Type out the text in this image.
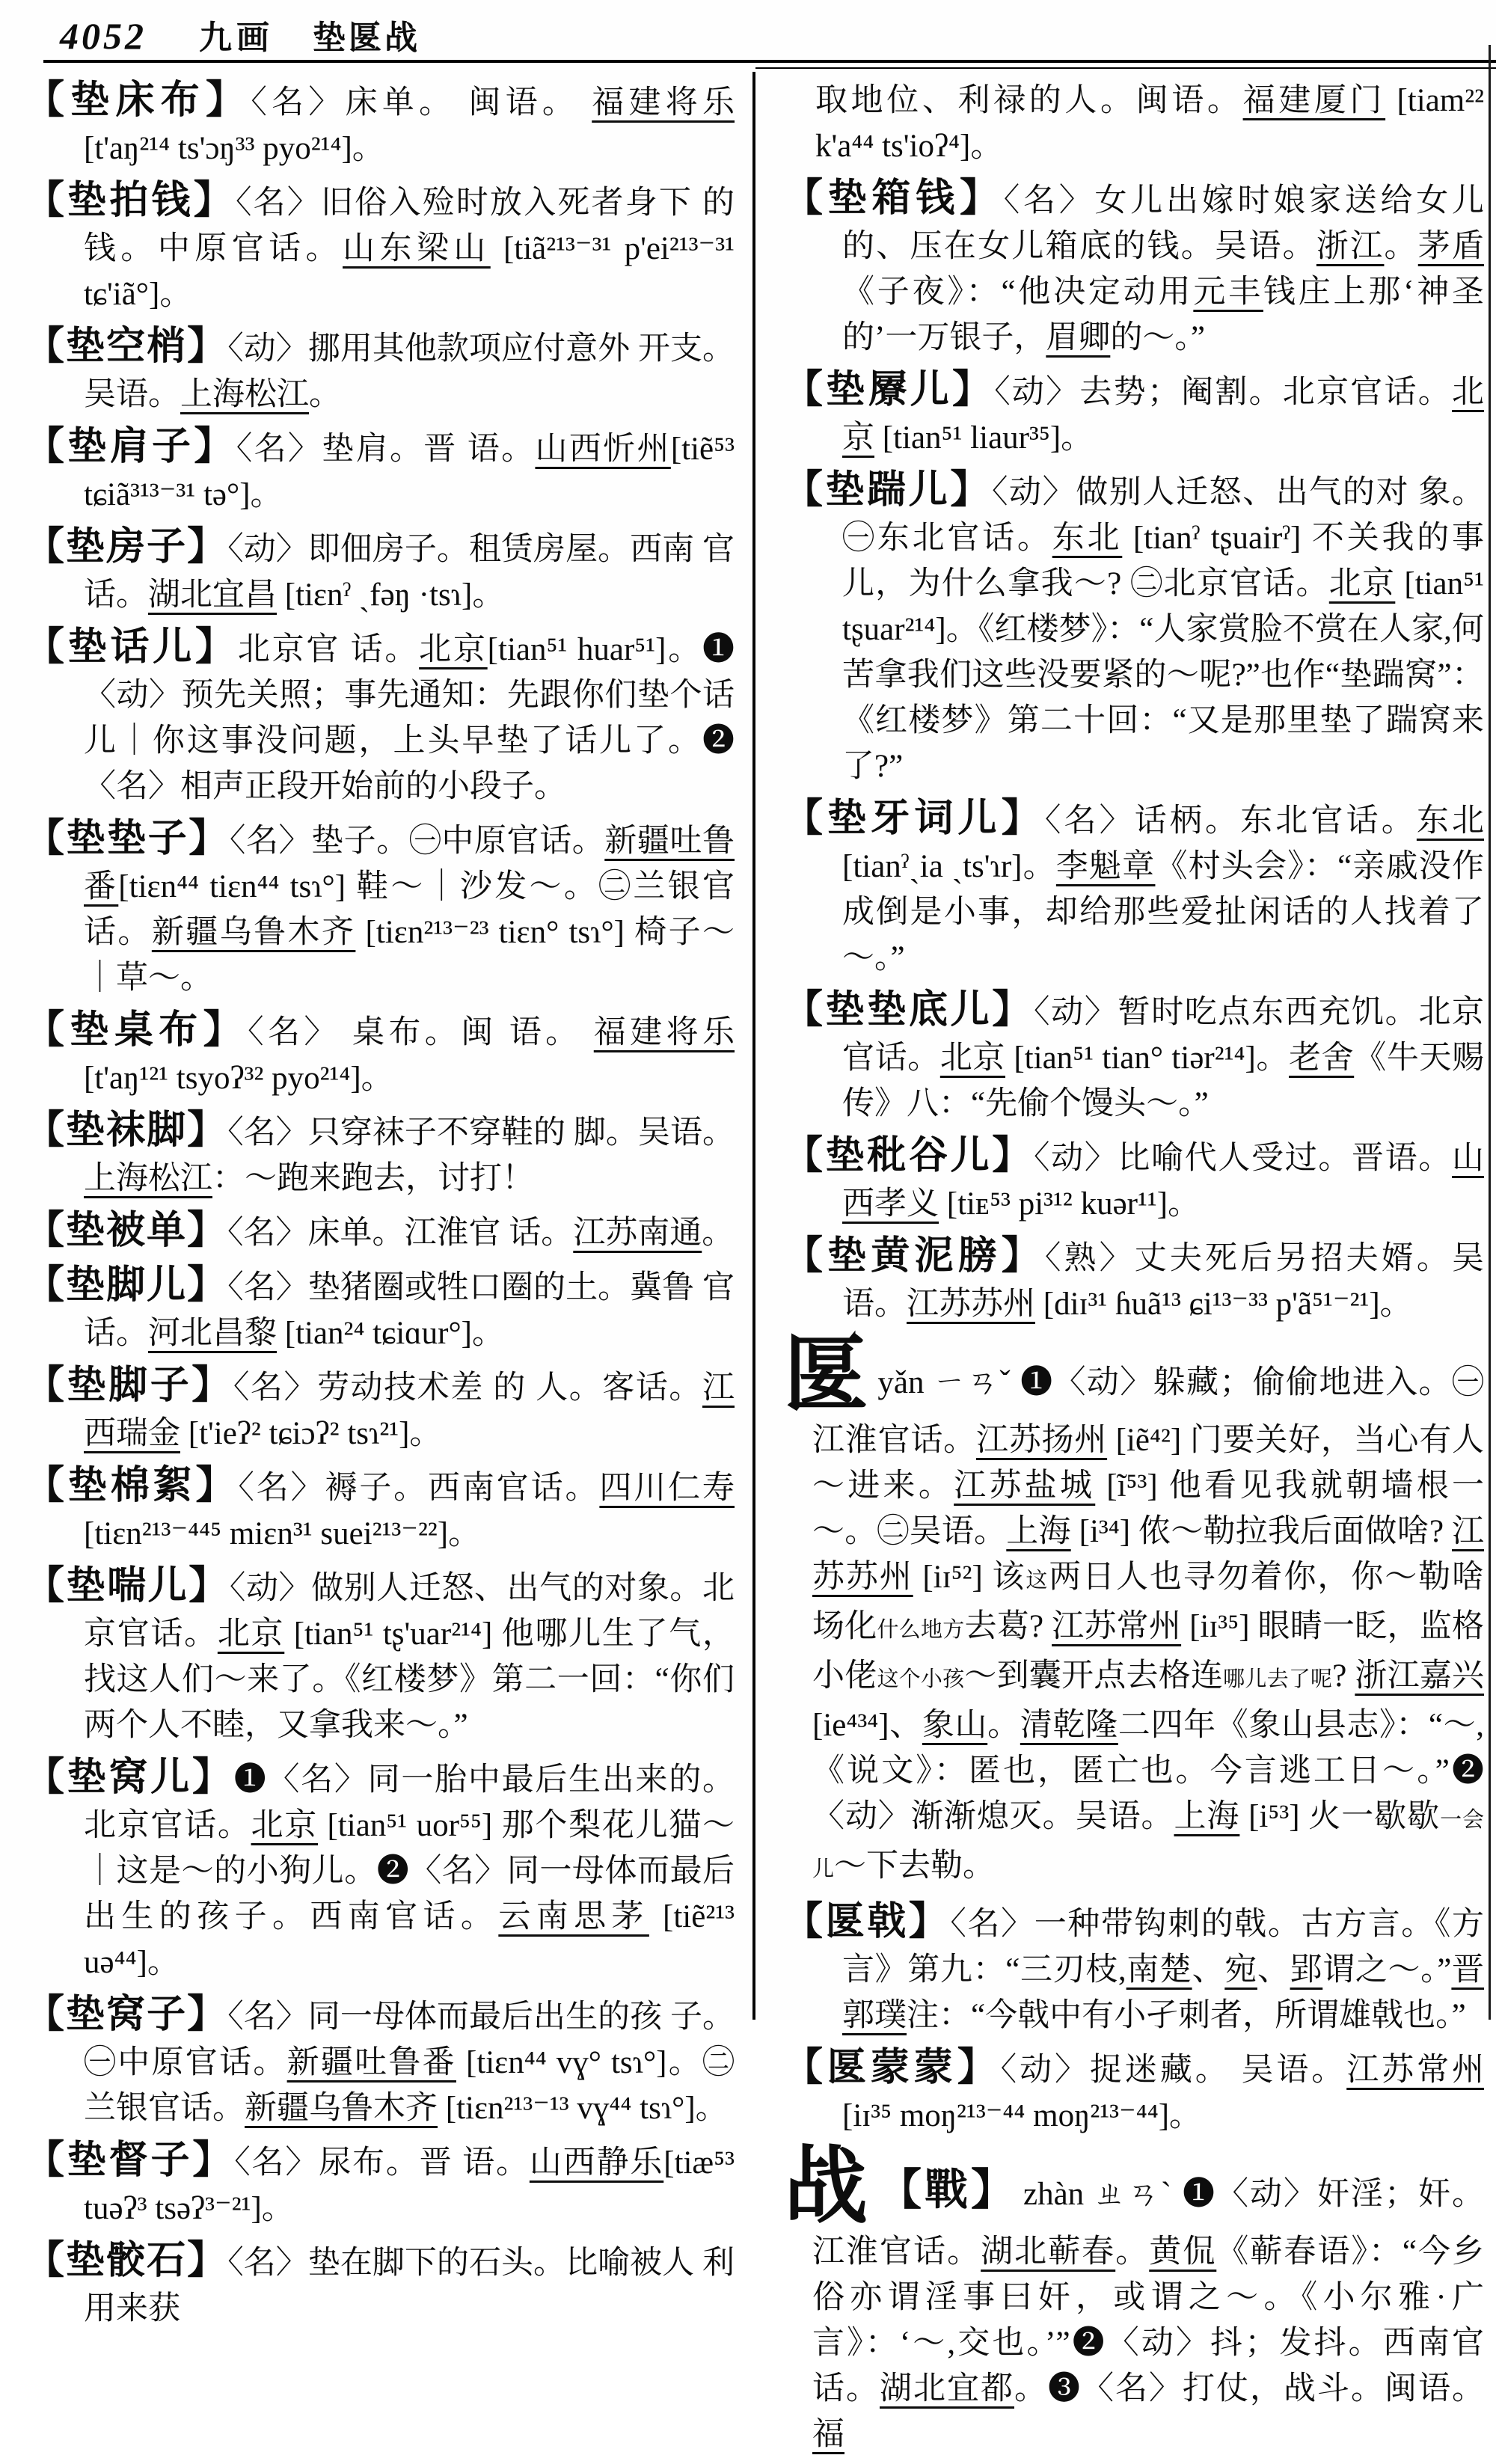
4052 九画 垫匽战

【垫床布】〈名〉床单。 闽语。 福建将乐 [t'aŋ²¹⁴ ts'ɔŋ³³ pyo²¹⁴]。

【垫拍钱】〈名〉旧俗入殓时放入死者身下 的钱。中原官话。山东梁山 [tiã²¹³⁻³¹ p'ei²¹³⁻³¹ tɕ'iã°]。

【垫空梢】〈动〉挪用其他款项应付意外 开支。吴语。上海松江。

【垫肩子】〈名〉垫肩。晋 语。山西忻州[tiẽ⁵³ tɕiã³¹³⁻³¹ tə°]。

【垫房子】〈动〉即佃房子。租赁房屋。西南 官话。湖北宜昌 [tiɛnˀ ˎfəŋ ·tsɿ]。

【垫话儿】北京官 话。北京[tian⁵¹ huar⁵¹]。❶〈动〉预先关照；事先通知：先跟你们垫个话儿｜你这事没问题，上头早垫了话儿了。❷〈名〉相声正段开始前的小段子。

【垫垫子】〈名〉垫子。㊀中原官话。新疆吐鲁番[tiɛn⁴⁴ tiɛn⁴⁴ tsɿ°] 鞋～｜沙发～。㊁兰银官话。新疆乌鲁木齐 [tiɛn²¹³⁻²³ tiɛn° tsɿ°] 椅子～｜草～。

【垫桌布】〈名〉 桌布。闽 语。 福建将乐 [t'aŋ¹²¹ tsyoʔ³² pyo²¹⁴]。

【垫袜脚】〈名〉只穿袜子不穿鞋的 脚。吴语。上海松江：～跑来跑去，讨打！

【垫被单】〈名〉床单。江淮官 话。江苏南通。

【垫脚儿】〈名〉垫猪圈或牲口圈的土。冀鲁 官话。河北昌黎 [tian²⁴ tɕiɑur°]。

【垫脚子】〈名〉劳动技术差 的 人。客话。江西瑞金 [t'ieʔ² tɕiɔʔ² tsɿ²¹]。

【垫棉絮】〈名〉褥子。西南官话。四川仁寿[tiɛn²¹³⁻⁴⁴⁵ miɛn³¹ suei²¹³⁻²²]。

【垫喘儿】〈动〉做别人迁怒、出气的对象。北京官话。北京 [tian⁵¹ tʂ'uar²¹⁴] 他哪儿生了气，找这人们～来了。《红楼梦》第二一回：“你们两个人不睦，又拿我来～。”

【垫窝儿】❶〈名〉同一胎中最后生出来的。北京官话。北京 [tian⁵¹ uor⁵⁵] 那个梨花儿猫～｜这是～的小狗儿。❷〈名〉同一母体而最后出生的孩子。西南官话。云南思茅 [tiẽ²¹³ uə⁴⁴]。

【垫窝子】〈名〉同一母体而最后出生的孩 子。㊀中原官话。新疆吐鲁番 [tiɛn⁴⁴ vɣ° tsɿ°]。㊁兰银官话。新疆乌鲁木齐 [tiɛn²¹³⁻¹³ vɣ⁴⁴ tsɿ°]。

【垫督子】〈名〉尿布。晋 语。山西静乐[tiæ⁵³ tuəʔ³ tsəʔ³⁻²¹]。

【垫骹石】〈名〉垫在脚下的石头。比喻被人 利用来获

取地位、利禄的人。闽语。福建厦门 [tiam²² k'a⁴⁴ ts'ioʔ⁴]。

【垫箱钱】〈名〉女儿出嫁时娘家送给女儿 的、压在女儿箱底的钱。吴语。浙江。茅盾《子夜》：“他决定动用元丰钱庄上那‘神圣的’一万银子，眉卿的～。”

【垫屪儿】〈动〉去势；阉割。北京官话。北京 [tian⁵¹ liaur³⁵]。

【垫踹儿】〈动〉做别人迁怒、出气的对 象。㊀东北官话。东北 [tianˀ tʂuairˀ] 不关我的事儿，为什么拿我～? ㊁北京官话。北京 [tian⁵¹ tʂuar²¹⁴]。《红楼梦》：“人家赏脸不赏在人家,何苦拿我们这些没要紧的～呢?”也作“垫踹窝”：《红楼梦》第二十回：“又是那里垫了踹窝来了?”

【垫牙词儿】〈名〉话柄。东北官话。东北 [tianˀˎia ˎts'ɿr]。李魁章《村头会》：“亲戚没作成倒是小事，却给那些爱扯闲话的人找着了～。”

【垫垫底儿】〈动〉暂时吃点东西充饥。北京官话。北京 [tian⁵¹ tian° tiər²¹⁴]。老舍《牛天赐传》八：“先偷个馒头～。”

【垫秕谷儿】〈动〉比喻代人受过。晋语。山西孝义 [tiᴇ⁵³ pi³¹² kuər¹¹]。

【垫黄泥膀】〈熟〉丈夫死后另招夫婿。吴语。江苏苏州 [diɪ³¹ ɦuã¹³ ɕi¹³⁻³³ p'ã⁵¹⁻²¹]。

匽yǎn ㄧㄢˇ ❶〈动〉躲藏；偷偷地进入。㊀江淮官话。江苏扬州 [iẽ⁴²] 门要关好，当心有人～进来。江苏盐城 [ĩ⁵³] 他看见我就朝墙根一～。㊁吴语。上海 [i³⁴] 侬～勒拉我后面做啥? 江苏苏州 [iɪ⁵²] 该这两日人也寻勿着你，你～勒啥场化什么地方去葛? 江苏常州 [iɪ³⁵] 眼睛一眨，监格小佬这个小孩～到囊开点去格连哪儿去了呢? 浙江嘉兴 [ie⁴³⁴]、象山。清乾隆二四年《象山县志》：“～,《说文》：匿也，匿亡也。今言逃工日～。”❷〈动〉渐渐熄灭。吴语。上海 [i⁵³] 火一歇歇一会儿～下去勒。

【匽戟】〈名〉一种带钩刺的戟。古方言。《方言》第九：“三刃枝,南楚、宛、郢谓之～。”晋郭璞注：“今戟中有小孑刺者，所谓雄戟也。”

【匽蒙蒙】〈动〉捉迷藏。 吴语。江苏常州 [iɪ³⁵ moŋ²¹³⁻⁴⁴ moŋ²¹³⁻⁴⁴]。

战 【戰】 zhàn ㄓㄢˋ ❶〈动〉奸淫；奸。江淮官话。湖北蕲春。黄侃《蕲春语》：“今乡俗亦谓淫事曰奸，或谓之～。《小尔雅·广言》：‘～,交也。’”❷〈动〉抖；发抖。西南官话。湖北宜都。❸〈名〉打仗，战斗。闽语。福
